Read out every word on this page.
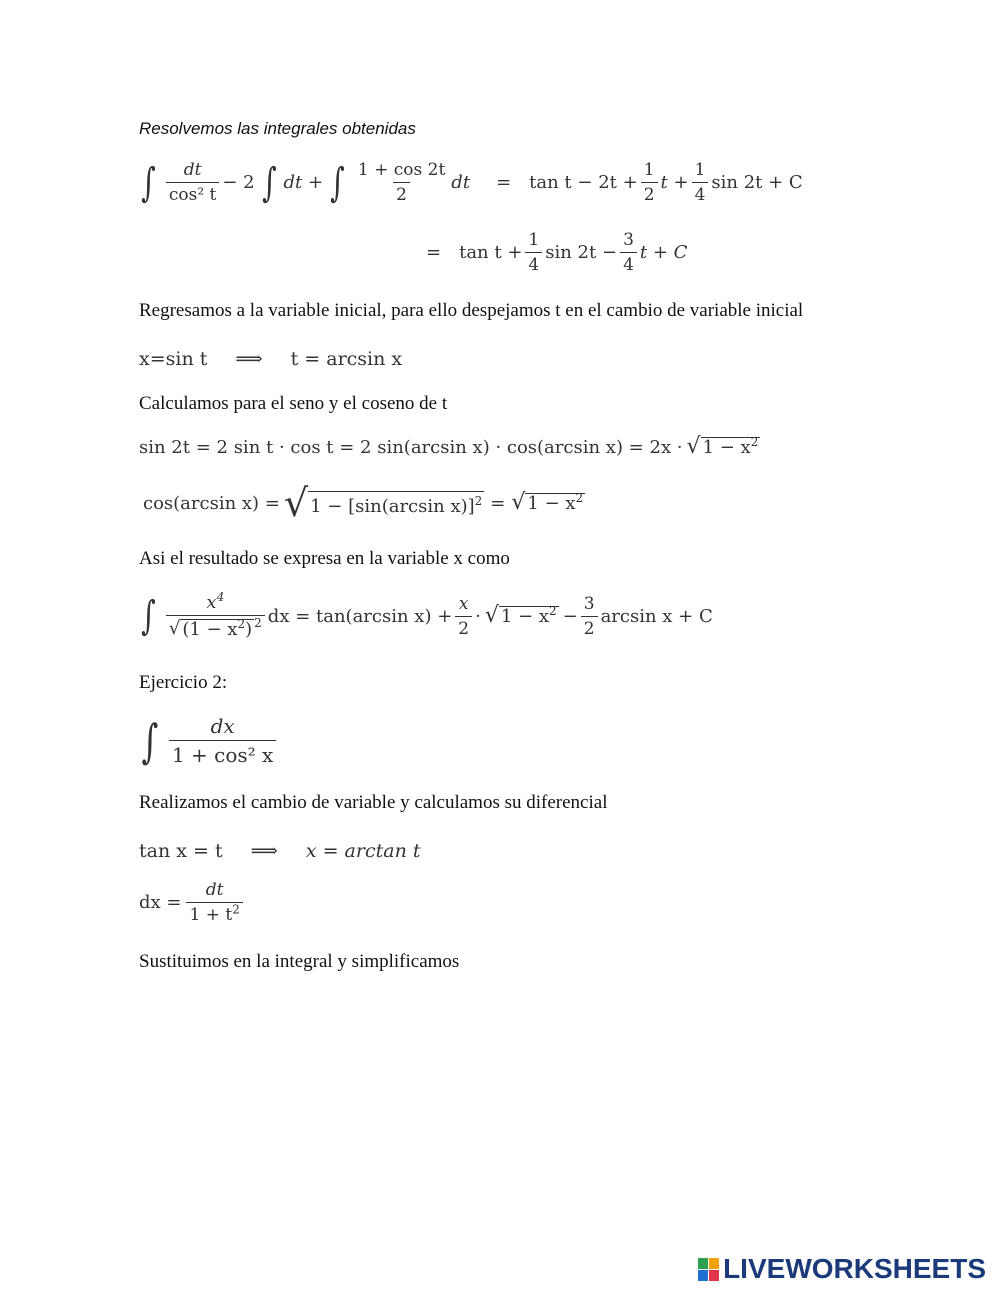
Resolvemos las integrales obtenidas
∫ $\frac{dt}{\text{cos² t}} - 2$ ∫ dt + ∫ $\frac{1 + \cos 2t}{2}$ dt = $\tan t - 2t + \frac{1}{2}$ $t + \frac{1}{4}$ sin 2t + C
= $\tan t + \frac{1}{4}$ $\sin 2t - \frac{3}{4}$ t + C
Regresamos a la variable inicial, para ello despejamos t en el cambio de variable inicial
x=sin t ⟹ t = arcsin x
Calculamos para el seno y el coseno de t
sin 2t = 2 sin t · cos t = 2 sin(arcsin x) · cos(arcsin x) = 2x · √ $1 - x^2$
cos(arcsin x) = √ 1 − [sin(arcsin x)]$^2$ = √ $1 - x^2$
Asi el resultado se expresa en la variable x como
∫ $\frac{x^4}{√ (1 - x^2) ^2}$ dx = tan(arcsin $x) + \frac{x}{2}$ · √ $1 - x^2 - \frac{3}{2}$ arcsin x + C
Ejercicio 2:
∫ $\frac{dx}{\text{1 + cos² x}}$
Realizamos el cambio de variable y calculamos su diferencial
tan x = t ⟹ x = arctan t
dx = $\frac{dt}{1 + t^2}$
Sustituimos en la integral y simplificamos
LIVEWORKSHEETS
